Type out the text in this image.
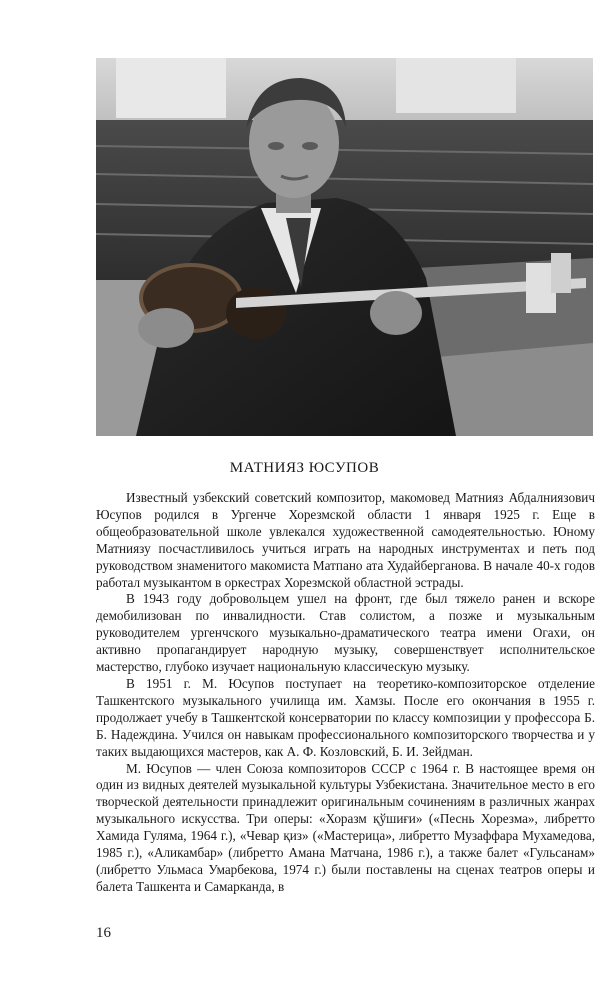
МАТНИЯЗ ЮСУПОВ

Известный узбекский советский композитор, макомовед Матнияз Абдалниязович Юсупов родился в Ургенче Хорезмской области 1 января 1925 г. Еще в общеобразовательной школе увлекался художественной самодеятельностью. Юному Матниязу посчастливилось учиться играть на народных инструментах и петь под руководством знаменитого макомиста Матпано ата Худайберганова. В начале 40-х годов работал музыкантом в оркестрах Хорезмской областной эстрады.

В 1943 году добровольцем ушел на фронт, где был тяжело ранен и вскоре демобилизован по инвалидности. Став солистом, а позже и музыкальным руководителем ургенчского музыкально-драматического театра имени Огахи, он активно пропагандирует народную музыку, совершенствует исполнительское мастерство, глубоко изучает национальную классическую музыку.

В 1951 г. М. Юсупов поступает на теоретико-композиторское отделение Ташкентского музыкального училища им. Хамзы. После его окончания в 1955 г. продолжает учебу в Ташкентской консерватории по классу композиции у профессора Б. Б. Надеждина. Учился он навыкам профессионального композиторского творчества и у таких выдающихся мастеров, как А. Ф. Козловский, Б. И. Зейдман.

М. Юсупов — член Союза композиторов СССР с 1964 г. В настоящее время он один из видных деятелей музыкальной культуры Узбекистана. Значительное место в его творческой деятельности принадлежит оригинальным сочинениям в различных жанрах музыкального искусства. Три оперы: «Хоразм қўшиғи» («Песнь Хорезма», либретто Хамида Гуляма, 1964 г.), «Чевар қиз» («Мастерица», либретто Музаффара Мухамедова, 1985 г.), «Аликамбар» (либретто Амана Матчана, 1986 г.), а также балет «Гульсанам» (либретто Ульмаса Умарбекова, 1974 г.) были поставлены на сценах театров оперы и балета Ташкента и Самарканда, в

16
